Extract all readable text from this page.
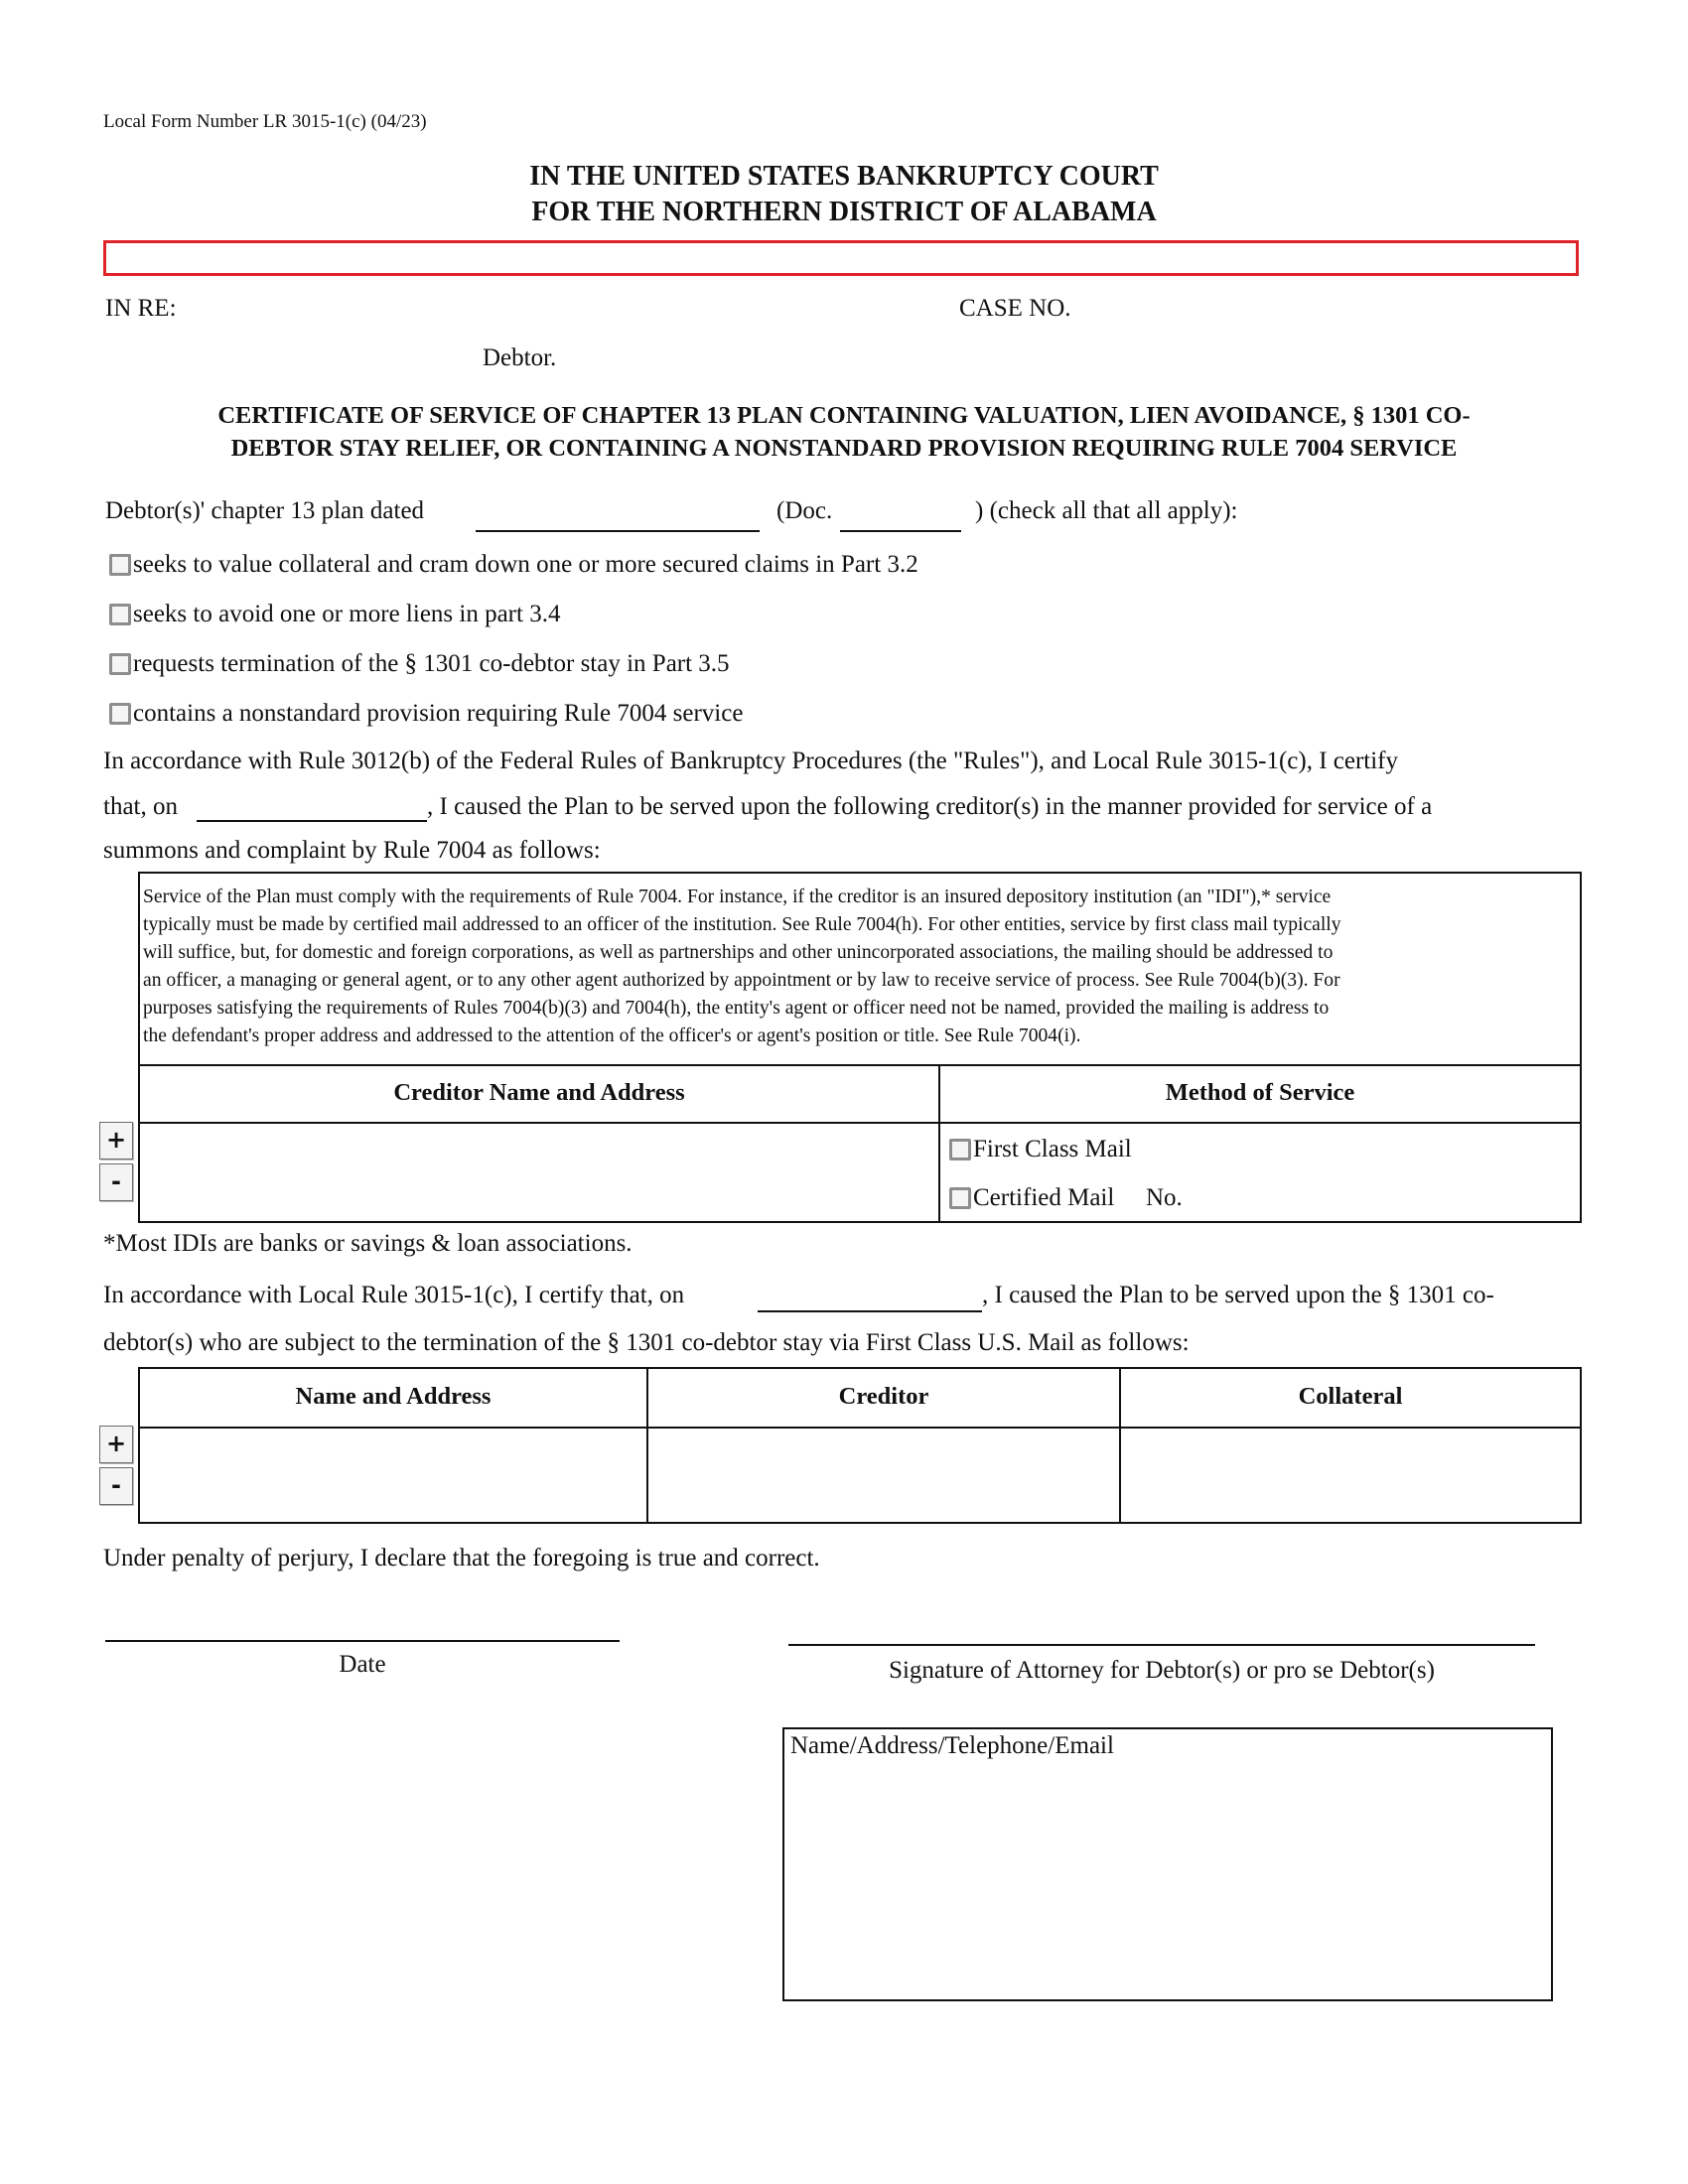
Local Form Number LR 3015-1(c) (04/23)
IN THE UNITED STATES BANKRUPTCY COURT
FOR THE NORTHERN DISTRICT OF ALABAMA
IN RE:	CASE NO.
Debtor.
CERTIFICATE OF SERVICE OF CHAPTER 13 PLAN CONTAINING VALUATION, LIEN AVOIDANCE, § 1301 CO-
DEBTOR STAY RELIEF, OR CONTAINING A NONSTANDARD PROVISION REQUIRING RULE 7004 SERVICE
Debtor(s)' chapter 13 plan dated	(Doc.	) (check all that all apply):
seeks to value collateral and cram down one or more secured claims in Part 3.2
seeks to avoid one or more liens in part 3.4
requests termination of the § 1301 co-debtor stay in Part 3.5
contains a nonstandard provision requiring Rule 7004 service
In accordance with Rule 3012(b) of the Federal Rules of Bankruptcy Procedures (the "Rules"), and Local Rule 3015-1(c), I certify
that, on	, I caused the Plan to be served upon the following creditor(s) in the manner provided for service of a
summons and complaint by Rule 7004 as follows:
Service of the Plan must comply with the requirements of Rule 7004. For instance, if the creditor is an insured depository institution (an "IDI"),* service
typically must be made by certified mail addressed to an officer of the institution. See Rule 7004(h). For other entities, service by first class mail typically
will suffice, but, for domestic and foreign corporations, as well as partnerships and other unincorporated associations, the mailing should be addressed to
an officer, a managing or general agent, or to any other agent authorized by appointment or by law to receive service of process. See Rule 7004(b)(3). For
purposes satisfying the requirements of Rules 7004(b)(3) and 7004(h), the entity's agent or officer need not be named, provided the mailing is address to
the defendant's proper address and addressed to the attention of the officer's or agent's position or title. See Rule 7004(i).
Creditor Name and Address	Method of Service
First Class Mail
Certified Mail No.
+
-
*Most IDIs are banks or savings & loan associations.
In accordance with Local Rule 3015-1(c), I certify that, on	, I caused the Plan to be served upon the § 1301 co-
debtor(s) who are subject to the termination of the § 1301 co-debtor stay via First Class U.S. Mail as follows:
Name and Address	Creditor	Collateral
+
-
Under penalty of perjury, I declare that the foregoing is true and correct.
Date	Signature of Attorney for Debtor(s) or pro se Debtor(s)
Name/Address/Telephone/Email
